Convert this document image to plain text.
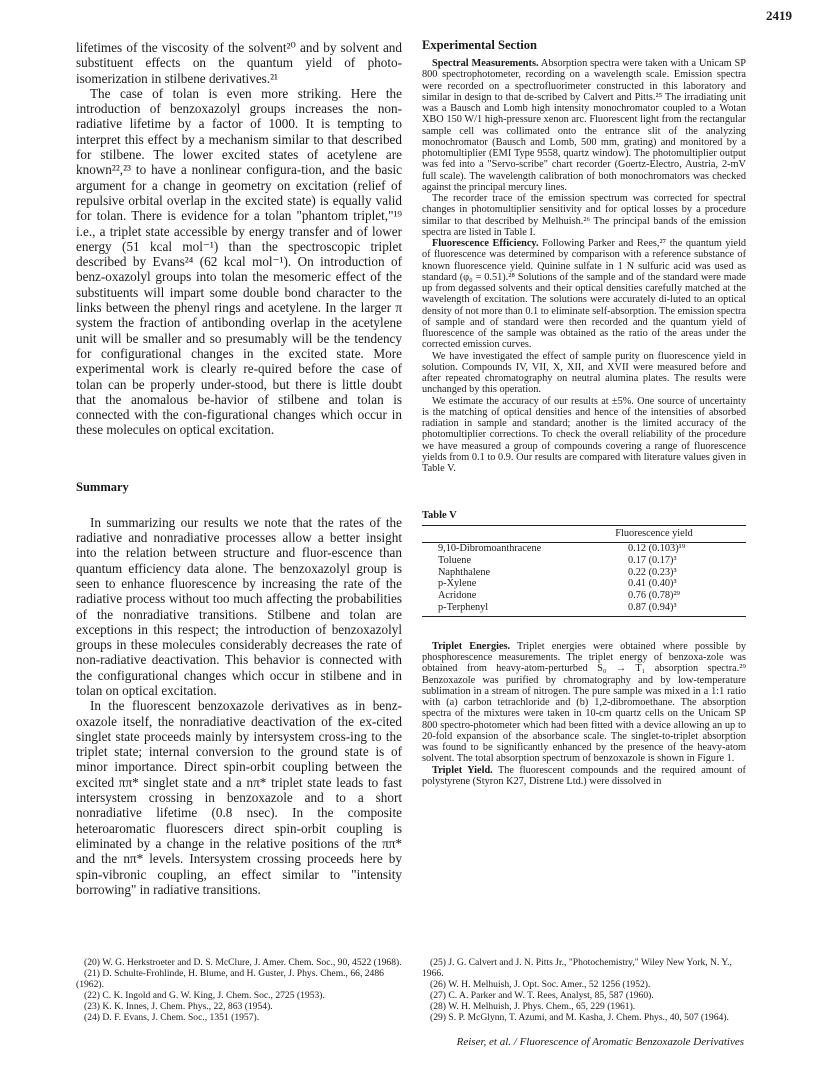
2419

lifetimes of the viscosity of the solvent²⁰ and by solvent and substituent effects on the quantum yield of photo-isomerization in stilbene derivatives.²¹

The case of tolan is even more striking. Here the introduction of benzoxazolyl groups increases the non-radiative lifetime by a factor of 1000. It is tempting to interpret this effect by a mechanism similar to that described for stilbene. The lower excited states of acetylene are known²²,²³ to have a nonlinear configura-tion, and the basic argument for a change in geometry on excitation (relief of repulsive orbital overlap in the excited state) is equally valid for tolan. There is evidence for a tolan "phantom triplet,"¹⁹ i.e., a triplet state accessible by energy transfer and of lower energy (51 kcal mol⁻¹) than the spectroscopic triplet described by Evans²⁴ (62 kcal mol⁻¹). On introduction of benz-oxazolyl groups into tolan the mesomeric effect of the substituents will impart some double bond character to the links between the phenyl rings and acetylene. In the larger π system the fraction of antibonding overlap in the acetylene unit will be smaller and so presumably will be the tendency for configurational changes in the excited state. More experimental work is clearly re-quired before the case of tolan can be properly under-stood, but there is little doubt that the anomalous be-havior of stilbene and tolan is connected with the con-figurational changes which occur in these molecules on optical excitation.

Summary

In summarizing our results we note that the rates of the radiative and nonradiative processes allow a better insight into the relation between structure and fluor-escence than quantum efficiency data alone. The benzoxazolyl group is seen to enhance fluorescence by increasing the rate of the radiative process without too much affecting the probabilities of the nonradiative transitions. Stilbene and tolan are exceptions in this respect; the introduction of benzoxazolyl groups in these molecules considerably decreases the rate of non-radiative deactivation. This behavior is connected with the configurational changes which occur in stilbene and in tolan on optical excitation.

In the fluorescent benzoxazole derivatives as in benz-oxazole itself, the nonradiative deactivation of the ex-cited singlet state proceeds mainly by intersystem cross-ing to the triplet state; internal conversion to the ground state is of minor importance. Direct spin-orbit coupling between the excited ππ* singlet state and a nπ* triplet state leads to fast intersystem crossing in benzoxazole and to a short nonradiative lifetime (0.8 nsec). In the composite heteroaromatic fluorescers direct spin-orbit coupling is eliminated by a change in the relative positions of the ππ* and the nπ* levels. Intersystem crossing proceeds here by spin-vibronic coupling, an effect similar to "intensity borrowing" in radiative transitions.

Experimental Section

Spectral Measurements. Absorption spectra were taken with a Unicam SP 800 spectrophotometer, recording on a wavelength scale. Emission spectra were recorded on a spectrofluorimeter constructed in this laboratory and similar in design to that de-scribed by Calvert and Pitts.²⁵ The irradiating unit was a Bausch and Lomb high intensity monochromator coupled to a Wotan XBO 150 W/1 high-pressure xenon arc. Fluorescent light from the rectangular sample cell was collimated onto the entrance slit of the analyzing monochromator (Bausch and Lomb, 500 mm, grating) and monitored by a photomultiplier (EMI Type 9558, quartz window). The photomultiplier output was fed into a "Servo-scribe" chart recorder (Goertz-Electro, Austria, 2-mV full scale). The wavelength calibration of both monochromators was checked against the principal mercury lines.

The recorder trace of the emission spectrum was corrected for spectral changes in photomultiplier sensitivity and for optical losses by a procedure similar to that described by Melhuish.²⁶ The principal bands of the emission spectra are listed in Table I.

Fluorescence Efficiency. Following Parker and Rees,²⁷ the quantum yield of fluorescence was determined by comparison with a reference substance of known fluorescence yield. Quinine sulfate in 1 N sulfuric acid was used as standard (φ₀ = 0.51).²⁸ Solutions of the sample and of the standard were made up from degassed solvents and their optical densities carefully matched at the wavelength of excitation. The solutions were accurately di-luted to an optical density of not more than 0.1 to eliminate self-absorption. The emission spectra of sample and of standard were then recorded and the quantum yield of fluorescence of the sample was obtained as the ratio of the areas under the corrected emission curves.

We have investigated the effect of sample purity on fluorescence yield in solution. Compounds IV, VII, X, XII, and XVII were measured before and after repeated chromatography on neutral alumina plates. The results were unchanged by this operation.

We estimate the accuracy of our results at ±5%. One source of uncertainty is the matching of optical densities and hence of the intensities of absorbed radiation in sample and standard; another is the limited accuracy of the photomultiplier corrections. To check the overall reliability of the procedure we have measured a group of compounds covering a range of fluorescence yields from 0.1 to 0.9. Our results are compared with literature values given in Table V.

Table V
Fluorescence yield	
9,10-Dibromoanthracene	0.12 (0.103)¹⁹
Toluene	0.17 (0.17)³
Naphthalene	0.22 (0.23)³
p-Xylene	0.41 (0.40)³
Acridone	0.76 (0.78)²⁹
p-Terphenyl	0.87 (0.94)³

Triplet Energies. Triplet energies were obtained where possible by phosphorescence measurements. The triplet energy of benzoxa-zole was obtained from heavy-atom-perturbed S₀ → T₁ absorption spectra.²⁹ Benzoxazole was purified by chromatography and by low-temperature sublimation in a stream of nitrogen. The pure sample was mixed in a 1:1 ratio with (a) carbon tetrachloride and (b) 1,2-dibromoethane. The absorption spectra of the mixtures were taken in 10-cm quartz cells on the Unicam SP 800 spectro-photometer which had been fitted with a device allowing an up to 20-fold expansion of the absorbance scale. The singlet-to-triplet absorption was found to be significantly enhanced by the presence of the heavy-atom solvent. The total absorption spectrum of benzoxazole is shown in Figure 1.

Triplet Yield. The fluorescent compounds and the required amount of polystyrene (Styron K27, Distrene Ltd.) were dissolved in

(20) W. G. Herkstroeter and D. S. McClure, J. Amer. Chem. Soc., 90, 4522 (1968).

(21) D. Schulte-Frohlinde, H. Blume, and H. Guster, J. Phys. Chem., 66, 2486 (1962).

(22) C. K. Ingold and G. W. King, J. Chem. Soc., 2725 (1953).

(23) K. K. Innes, J. Chem. Phys., 22, 863 (1954).

(24) D. F. Evans, J. Chem. Soc., 1351 (1957).

(25) J. G. Calvert and J. N. Pitts Jr., "Photochemistry," Wiley New York, N. Y., 1966.

(26) W. H. Melhuish, J. Opt. Soc. Amer., 52 1256 (1952).

(27) C. A. Parker and W. T. Rees, Analyst, 85, 587 (1960).

(28) W. H. Melhuish, J. Phys. Chem., 65, 229 (1961).

(29) S. P. McGlynn, T. Azumi, and M. Kasha, J. Chem. Phys., 40, 507 (1964).

Reiser, et al. / Fluorescence of Aromatic Benzoxazole Derivatives
